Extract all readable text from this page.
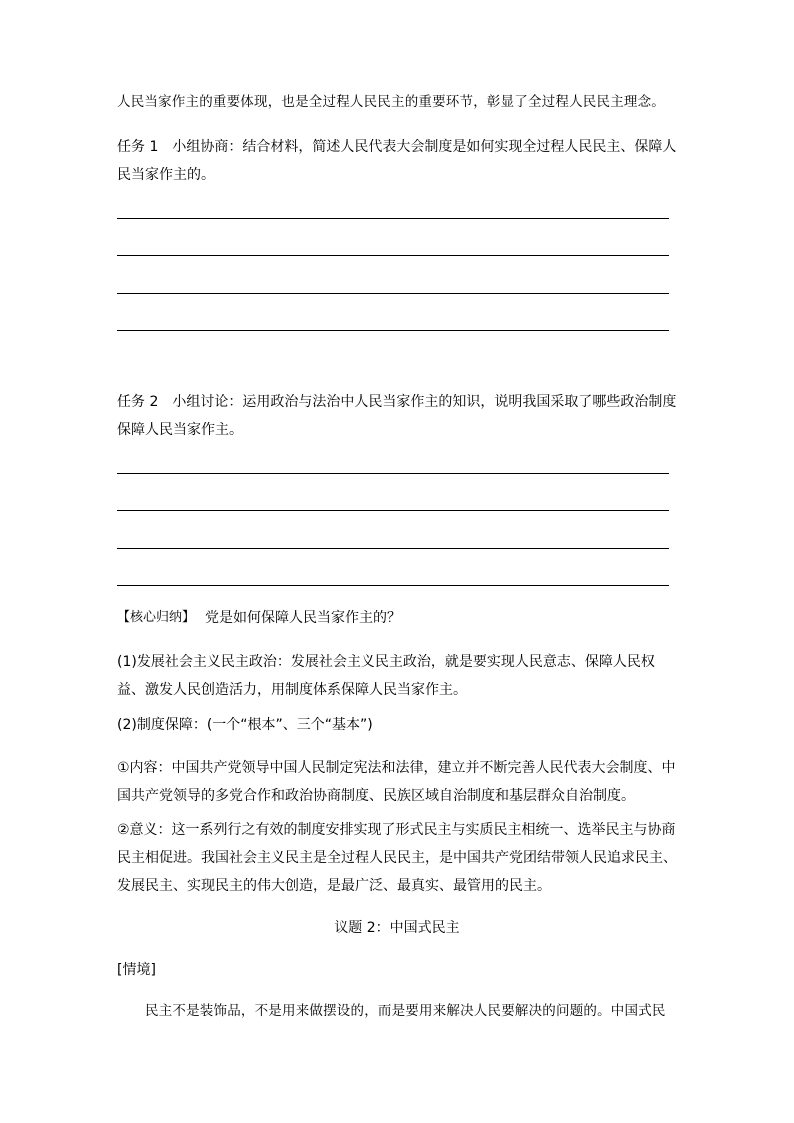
人民当家作主的重要体现，也是全过程人民民主的重要环节，彰显了全过程人民民主理念。
任务 1　小组协商：结合材料，简述人民代表大会制度是如何实现全过程人民民主、保障人民当家作主的。
任务 2　小组讨论：运用政治与法治中人民当家作主的知识，说明我国采取了哪些政治制度保障人民当家作主。
【核心归纳】 党是如何保障人民当家作主的？
(1)发展社会主义民主政治：发展社会主义民主政治，就是要实现人民意志、保障人民权益、激发人民创造活力，用制度体系保障人民当家作主。
(2)制度保障：(一个“根本”、三个“基本”)
①内容：中国共产党领导中国人民制定宪法和法律，建立并不断完善人民代表大会制度、中国共产党领导的多党合作和政治协商制度、民族区域自治制度和基层群众自治制度。
②意义：这一系列行之有效的制度安排实现了形式民主与实质民主相统一、选举民主与协商民主相促进。我国社会主义民主是全过程人民民主，是中国共产党团结带领人民追求民主、发展民主、实现民主的伟大创造，是最广泛、最真实、最管用的民主。
议题 2：中国式民主
[情境]
民主不是装饰品，不是用来做摆设的，而是要用来解决人民要解决的问题的。中国式民
